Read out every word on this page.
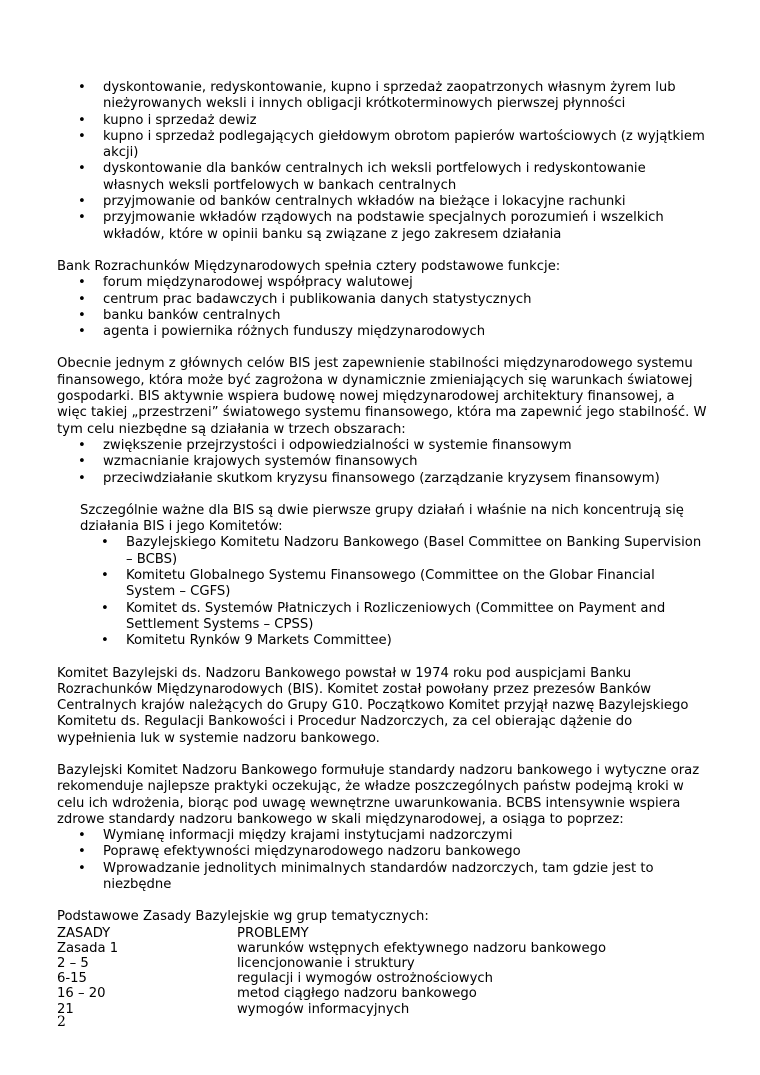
• dyskontowanie, redyskontowanie, kupno i sprzedaż zaopatrzonych własnym żyrem lub nieżyrowanych weksli i innych obligacji krótkoterminowych pierwszej płynności
• kupno i sprzedaż dewiz
• kupno i sprzedaż podlegających giełdowym obrotom papierów wartościowych (z wyjątkiem akcji)
• dyskontowanie dla banków centralnych ich weksli portfelowych i redyskontowanie własnych weksli portfelowych w bankach centralnych
• przyjmowanie od banków centralnych wkładów na bieżące i lokacyjne rachunki
• przyjmowanie wkładów rządowych na podstawie specjalnych porozumień i wszelkich wkładów, które w opinii banku są związane z jego zakresem działania

Bank Rozrachunków Międzynarodowych spełnia cztery podstawowe funkcje:

• forum międzynarodowej współpracy walutowej
• centrum prac badawczych i publikowania danych statystycznych
• banku banków centralnych
• agenta i powiernika różnych funduszy międzynarodowych

Obecnie jednym z głównych celów BIS jest zapewnienie stabilności międzynarodowego systemu finansowego, która może być zagrożona w dynamicznie zmieniających się warunkach światowej gospodarki. BIS aktywnie wspiera budowę nowej międzynarodowej architektury finansowej, a więc takiej „przestrzeni” światowego systemu finansowego, która ma zapewnić jego stabilność. W tym celu niezbędne są działania w trzech obszarach:

• zwiększenie przejrzystości i odpowiedzialności w systemie finansowym
• wzmacnianie krajowych systemów finansowych
• przeciwdziałanie skutkom kryzysu finansowego (zarządzanie kryzysem finansowym)

Szczególnie ważne dla BIS są dwie pierwsze grupy działań i właśnie na nich koncentrują się działania BIS i jego Komitetów:

• Bazylejskiego Komitetu Nadzoru Bankowego (Basel Committee on Banking Supervision – BCBS)
• Komitetu Globalnego Systemu Finansowego (Committee on the Globar Financial System – CGFS)
• Komitet ds. Systemów Płatniczych i Rozliczeniowych (Committee on Payment and Settlement Systems – CPSS)
• Komitetu Rynków 9 Markets Committee)

Komitet Bazylejski ds. Nadzoru Bankowego powstał w 1974 roku pod auspicjami Banku Rozrachunków Międzynarodowych (BIS). Komitet został powołany przez prezesów Banków Centralnych krajów należących do Grupy G10. Początkowo Komitet przyjął nazwę Bazylejskiego Komitetu ds. Regulacji Bankowości i Procedur Nadzorczych, za cel obierając dążenie do wypełnienia luk w systemie nadzoru bankowego.

Bazylejski Komitet Nadzoru Bankowego formułuje standardy nadzoru bankowego i wytyczne oraz rekomenduje najlepsze praktyki oczekując, że władze poszczególnych państw podejmą kroki w celu ich wdrożenia, biorąc pod uwagę wewnętrzne uwarunkowania. BCBS intensywnie wspiera zdrowe standardy nadzoru bankowego w skali międzynarodowej, a osiąga to poprzez:

• Wymianę informacji między krajami instytucjami nadzorczymi
• Poprawę efektywności międzynarodowego nadzoru bankowego
• Wprowadzanie jednolitych minimalnych standardów nadzorczych, tam gdzie jest to niezbędne

Podstawowe Zasady Bazylejskie wg grup tematycznych:

ZASADY	PROBLEMY
Zasada 1	warunków wstępnych efektywnego nadzoru bankowego
2 – 5	licencjonowanie i struktury
6-15	regulacji i wymogów ostrożnościowych
16 – 20	metod ciągłego nadzoru bankowego
21	wymogów informacyjnych
2
